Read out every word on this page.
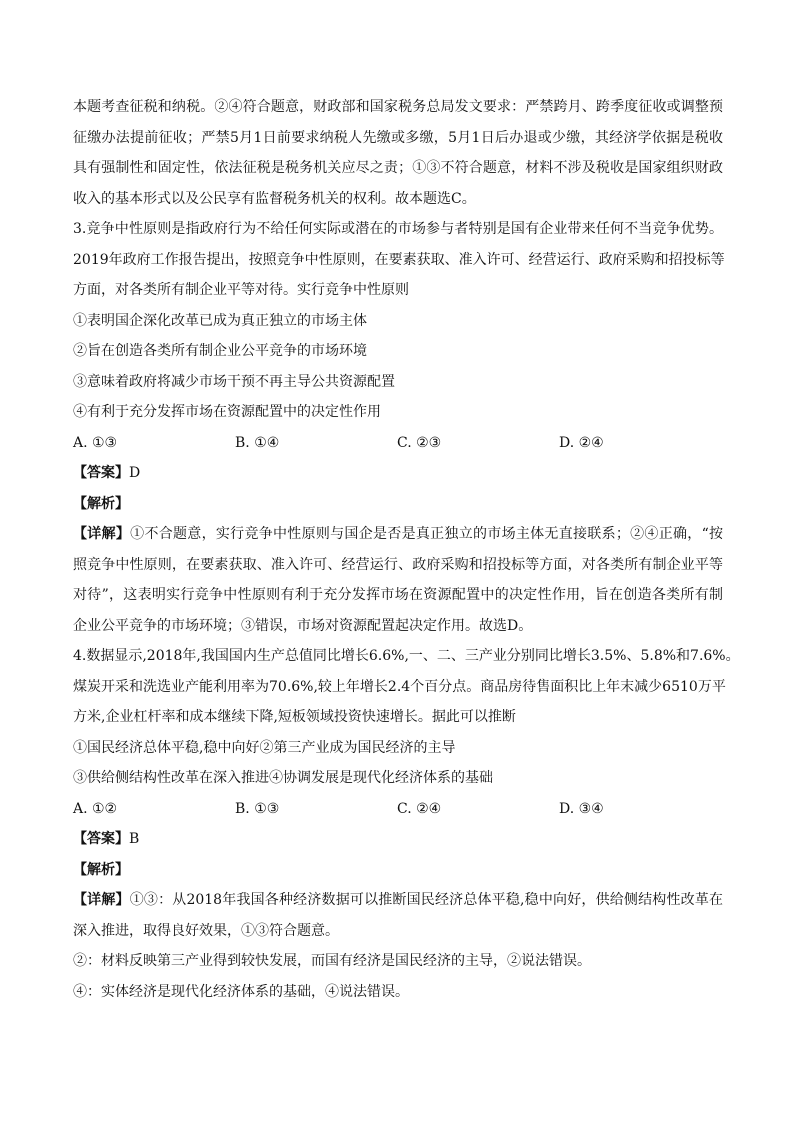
本题考查征税和纳税。②④符合题意，财政部和国家税务总局发文要求：严禁跨月、跨季度征收或调整预
征缴办法提前征收；严禁5月1日前要求纳税人先缴或多缴，5月1日后办退或少缴，其经济学依据是税收
具有强制性和固定性，依法征税是税务机关应尽之责；①③不符合题意，材料不涉及税收是国家组织财政
收入的基本形式以及公民享有监督税务机关的权利。故本题选C。
3.竞争中性原则是指政府行为不给任何实际或潜在的市场参与者特别是国有企业带来任何不当竞争优势。
2019年政府工作报告提出，按照竞争中性原则，在要素获取、准入许可、经营运行、政府采购和招投标等
方面，对各类所有制企业平等对待。实行竞争中性原则
①表明国企深化改革已成为真正独立的市场主体
②旨在创造各类所有制企业公平竞争的市场环境
③意味着政府将减少市场干预不再主导公共资源配置
④有利于充分发挥市场在资源配置中的决定性作用
A. ①③	B. ①④	C. ②③	D. ②④
【答案】D
【解析】
【详解】①不合题意，实行竞争中性原则与国企是否是真正独立的市场主体无直接联系；②④正确，“按
照竞争中性原则，在要素获取、准入许可、经营运行、政府采购和招投标等方面，对各类所有制企业平等
对待”，这表明实行竞争中性原则有利于充分发挥市场在资源配置中的决定性作用，旨在创造各类所有制
企业公平竞争的市场环境；③错误，市场对资源配置起决定作用。故选D。
4.数据显示,2018年,我国国内生产总值同比增长6.6%,一、二、三产业分别同比增长3.5%、5.8%和7.6%。
煤炭开采和洗选业产能利用率为70.6%,较上年增长2.4个百分点。商品房待售面积比上年末减少6510万平
方米,企业杠杆率和成本继续下降,短板领域投资快速增长。据此可以推断
①国民经济总体平稳,稳中向好②第三产业成为国民经济的主导
③供给侧结构性改革在深入推进④协调发展是现代化经济体系的基础
A. ①②	B. ①③	C. ②④	D. ③④
【答案】B
【解析】
【详解】①③：从2018年我国各种经济数据可以推断国民经济总体平稳,稳中向好，供给侧结构性改革在
深入推进，取得良好效果，①③符合题意。
②：材料反映第三产业得到较快发展，而国有经济是国民经济的主导，②说法错误。
④：实体经济是现代化经济体系的基础，④说法错误。
